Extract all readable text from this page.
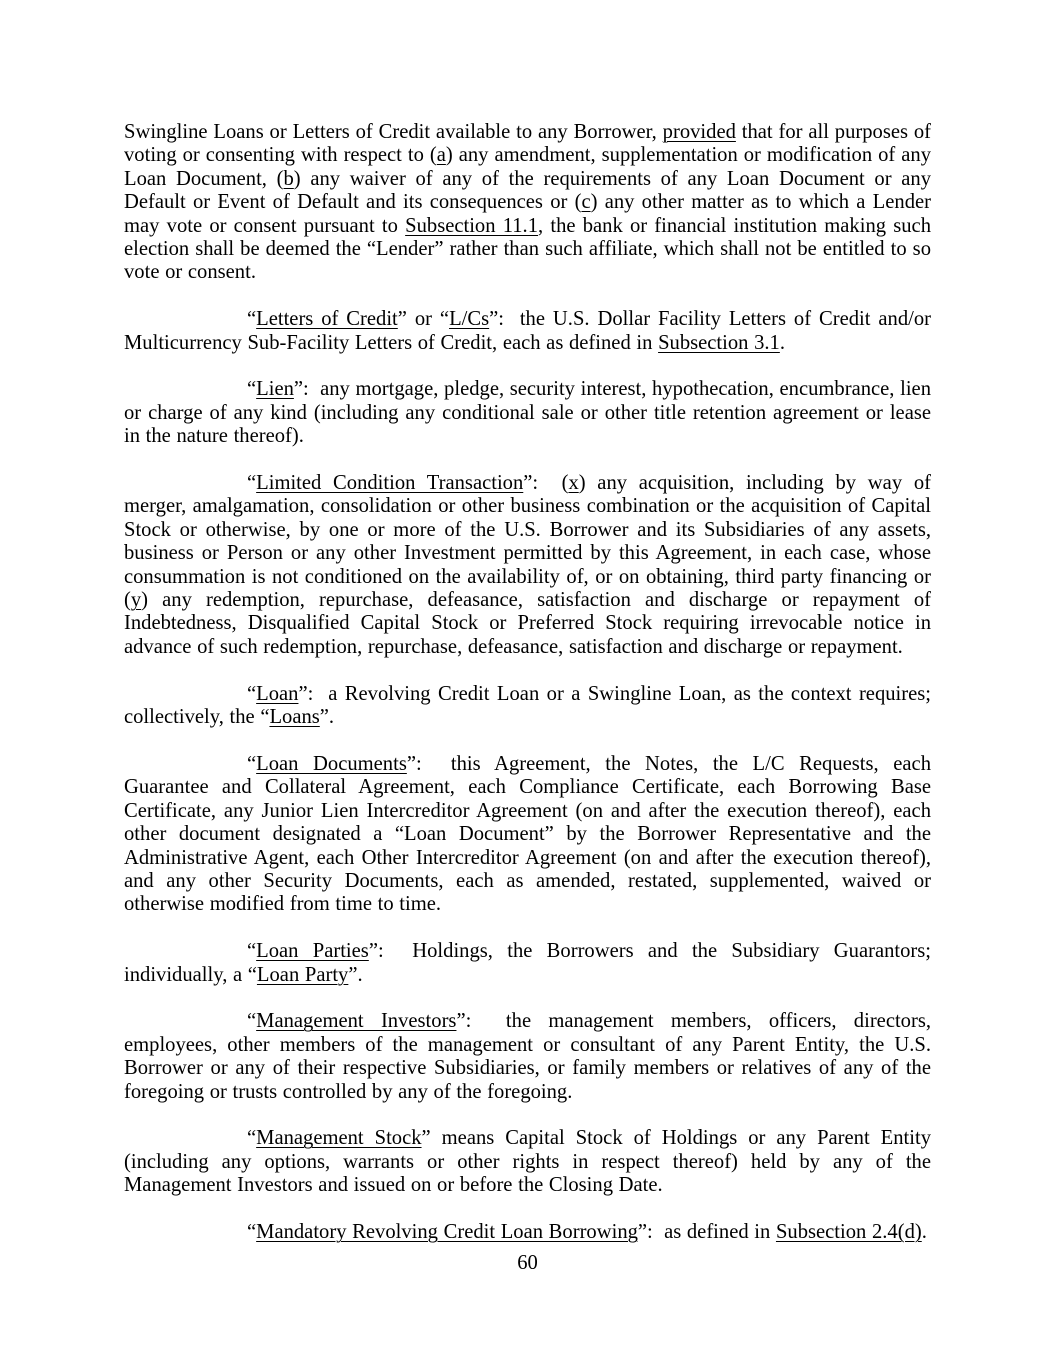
Swingline Loans or Letters of Credit available to any Borrower, provided that for all purposes of voting or consenting with respect to (a) any amendment, supplementation or modification of any Loan Document, (b) any waiver of any of the requirements of any Loan Document or any Default or Event of Default and its consequences or (c) any other matter as to which a Lender may vote or consent pursuant to Subsection 11.1, the bank or financial institution making such election shall be deemed the “Lender” rather than such affiliate, which shall not be entitled to so vote or consent.

“Letters of Credit” or “L/Cs”:  the U.S. Dollar Facility Letters of Credit and/or Multicurrency Sub-Facility Letters of Credit, each as defined in Subsection 3.1.

“Lien”:  any mortgage, pledge, security interest, hypothecation, encumbrance, lien or charge of any kind (including any conditional sale or other title retention agreement or lease in the nature thereof).

“Limited Condition Transaction”:  (x) any acquisition, including by way of merger, amalgamation, consolidation or other business combination or the acquisition of Capital Stock or otherwise, by one or more of the U.S. Borrower and its Subsidiaries of any assets, business or Person or any other Investment permitted by this Agreement, in each case, whose consummation is not conditioned on the availability of, or on obtaining, third party financing or (y) any redemption, repurchase, defeasance, satisfaction and discharge or repayment of Indebtedness, Disqualified Capital Stock or Preferred Stock requiring irrevocable notice in advance of such redemption, repurchase, defeasance, satisfaction and discharge or repayment.

“Loan”:  a Revolving Credit Loan or a Swingline Loan, as the context requires; collectively, the “Loans”.

“Loan Documents”:  this Agreement, the Notes, the L/C Requests, each Guarantee and Collateral Agreement, each Compliance Certificate, each Borrowing Base Certificate, any Junior Lien Intercreditor Agreement (on and after the execution thereof), each other document designated a “Loan Document” by the Borrower Representative and the Administrative Agent, each Other Intercreditor Agreement (on and after the execution thereof), and any other Security Documents, each as amended, restated, supplemented, waived or otherwise modified from time to time.

“Loan Parties”:  Holdings, the Borrowers and the Subsidiary Guarantors; individually, a “Loan Party”.

“Management Investors”:  the management members, officers, directors, employees, other members of the management or consultant of any Parent Entity, the U.S. Borrower or any of their respective Subsidiaries, or family members or relatives of any of the foregoing or trusts controlled by any of the foregoing.

“Management Stock” means Capital Stock of Holdings or any Parent Entity (including any options, warrants or other rights in respect thereof) held by any of the Management Investors and issued on or before the Closing Date.

“Mandatory Revolving Credit Loan Borrowing”:  as defined in Subsection 2.4(d).

60
